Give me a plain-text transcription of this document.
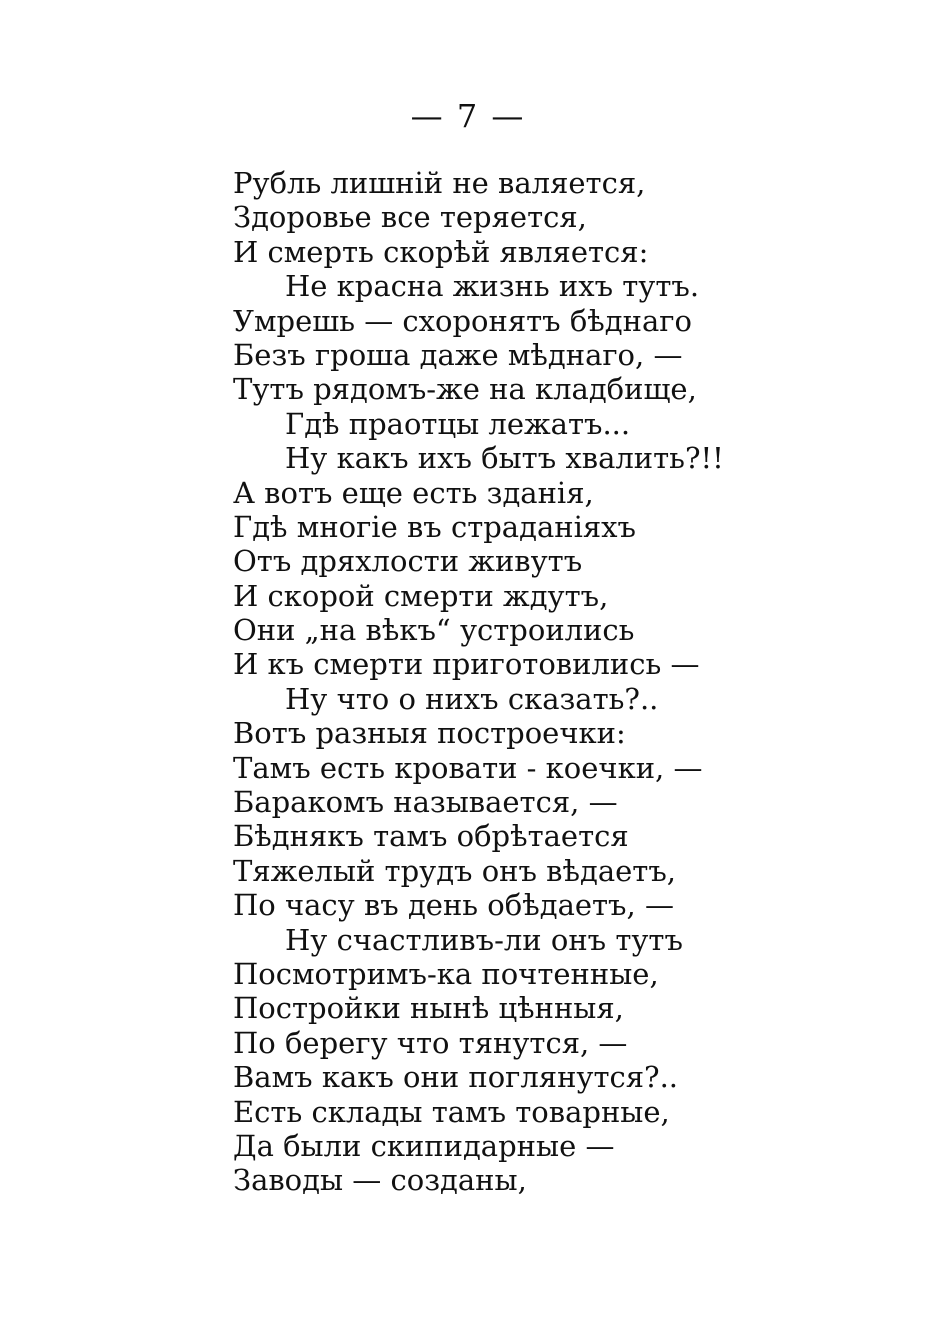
— 7 —
Рубль лишній не валяется,
Здоровье все теряется,
И смерть скорѣй является:
Не красна жизнь ихъ тутъ.
Умрешь — схоронятъ бѣднаго
Безъ гроша даже мѣднаго, —
Тутъ рядомъ-же на кладбище,
Гдѣ праотцы лежатъ...
Ну какъ ихъ бытъ хвалить?!!
А вотъ еще есть зданія,
Гдѣ многіе въ страданіяхъ
Отъ дряхлости живутъ
И скорой смерти ждутъ,
Они „на вѣкъ“ устроились
И къ смерти приготовились —
Ну что о нихъ сказать?..
Вотъ разныя построечки:
Тамъ есть кровати - коечки, —
Баракомъ называется, —
Бѣднякъ тамъ обрѣтается
Тяжелый трудъ онъ вѣдаетъ,
По часу въ день обѣдаетъ, —
Ну счастливъ-ли онъ тутъ
Посмотримъ-ка почтенные,
Постройки нынѣ цѣнныя,
По берегу что тянутся, —
Вамъ какъ они поглянутся?..
Есть склады тамъ товарные,
Да были скипидарные —
Заводы — созданы,
